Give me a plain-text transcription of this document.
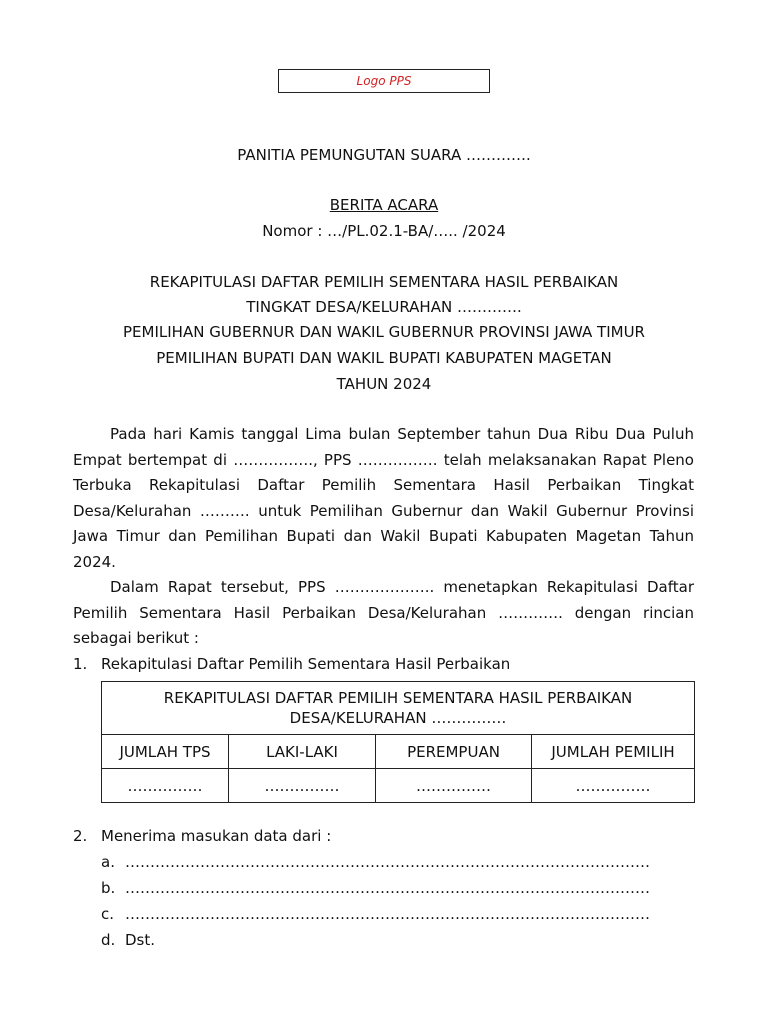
Logo PPS
PANITIA PEMUNGUTAN SUARA ………….
BERITA ACARA
Nomor : …/PL.02.1-BA/….. /2024
REKAPITULASI DAFTAR PEMILIH SEMENTARA HASIL PERBAIKAN
TINGKAT DESA/KELURAHAN ………….
PEMILIHAN GUBERNUR DAN WAKIL GUBERNUR PROVINSI JAWA TIMUR
PEMILIHAN BUPATI DAN WAKIL BUPATI KABUPATEN MAGETAN
TAHUN 2024

Pada hari Kamis tanggal Lima bulan September tahun Dua Ribu Dua Puluh Empat bertempat di ……………., PPS ……………. telah melaksanakan Rapat Pleno Terbuka Rekapitulasi Daftar Pemilih Sementara Hasil Perbaikan Tingkat Desa/Kelurahan ………. untuk Pemilihan Gubernur dan Wakil Gubernur Provinsi Jawa Timur dan Pemilihan Bupati dan Wakil Bupati Kabupaten Magetan Tahun 2024.

Dalam Rapat tersebut, PPS ……………….. menetapkan Rekapitulasi Daftar Pemilih Sementara Hasil Perbaikan Desa/Kelurahan …………. dengan rincian sebagai berikut :

1. Rekapitulasi Daftar Pemilih Sementara Hasil Perbaikan
REKAPITULASI DAFTAR PEMILIH SEMENTARA HASIL PERBAIKAN
DESA/KELURAHAN ……………			

JUMLAH TPS	LAKI-LAKI	PEREMPUAN	JUMLAH PEMILIH
……………	……………	……………	……………
2. Menerima masukan data dari :
a. ……………………………………………………………………………………………
b. ……………………………………………………………………………………………
c. ……………………………………………………………………………………………
d. Dst.
